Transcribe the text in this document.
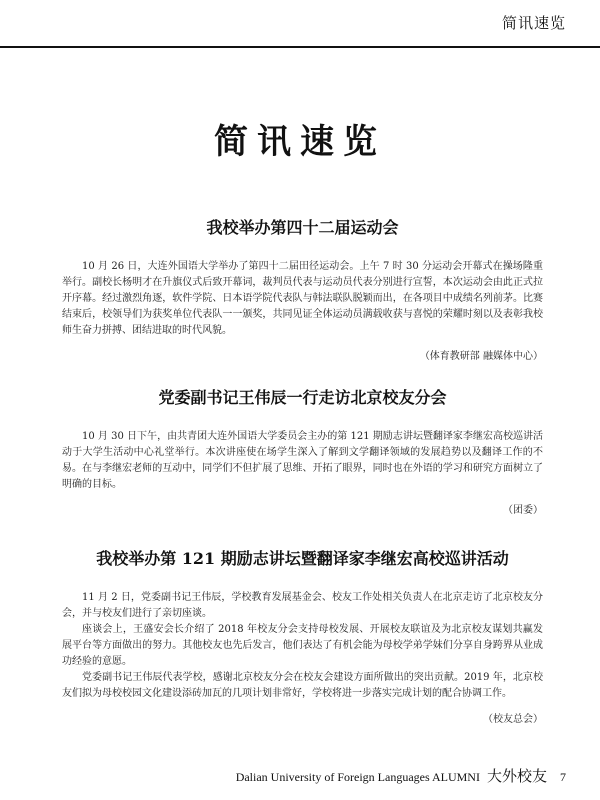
简讯速览
简讯速览
我校举办第四十二届运动会

10 月 26 日，大连外国语大学举办了第四十二届田径运动会。上午 7 时 30 分运动会开幕式在操场隆重举行。副校长杨明才在升旗仪式后致开幕词，裁判员代表与运动员代表分别进行宣誓，本次运动会由此正式拉开序幕。经过激烈角逐，软件学院、日本语学院代表队与韩法联队脱颖而出，在各项目中成绩名列前茅。比赛结束后，校领导们为获奖单位代表队一一颁奖，共同见证全体运动员满载收获与喜悦的荣耀时刻以及表彰我校师生奋力拼搏、团结进取的时代风貌。

（体育教研部 融媒体中心）
党委副书记王伟辰一行走访北京校友分会

10 月 30 日下午，由共青团大连外国语大学委员会主办的第 121 期励志讲坛暨翻译家李继宏高校巡讲活动于大学生活动中心礼堂举行。本次讲座使在场学生深入了解到文学翻译领域的发展趋势以及翻译工作的不易。在与李继宏老师的互动中，同学们不但扩展了思维、开拓了眼界，同时也在外语的学习和研究方面树立了明确的目标。

（团委）
我校举办第 121 期励志讲坛暨翻译家李继宏高校巡讲活动

11 月 2 日，党委副书记王伟辰，学校教育发展基金会、校友工作处相关负责人在北京走访了北京校友分会，并与校友们进行了亲切座谈。

座谈会上，王盛安会长介绍了 2018 年校友分会支持母校发展、开展校友联谊及为北京校友谋划共赢发展平台等方面做出的努力。其他校友也先后发言，他们表达了有机会能为母校学弟学妹们分享自身跨界从业成功经验的意愿。

党委副书记王伟辰代表学校，感谢北京校友分会在校友会建设方面所做出的突出贡献。2019 年，北京校友们拟为母校校园文化建设添砖加瓦的几项计划非常好，学校将进一步落实完成计划的配合协调工作。

（校友总会）
Dalian University of Foreign Languages ALUMNI 大外校友 7
